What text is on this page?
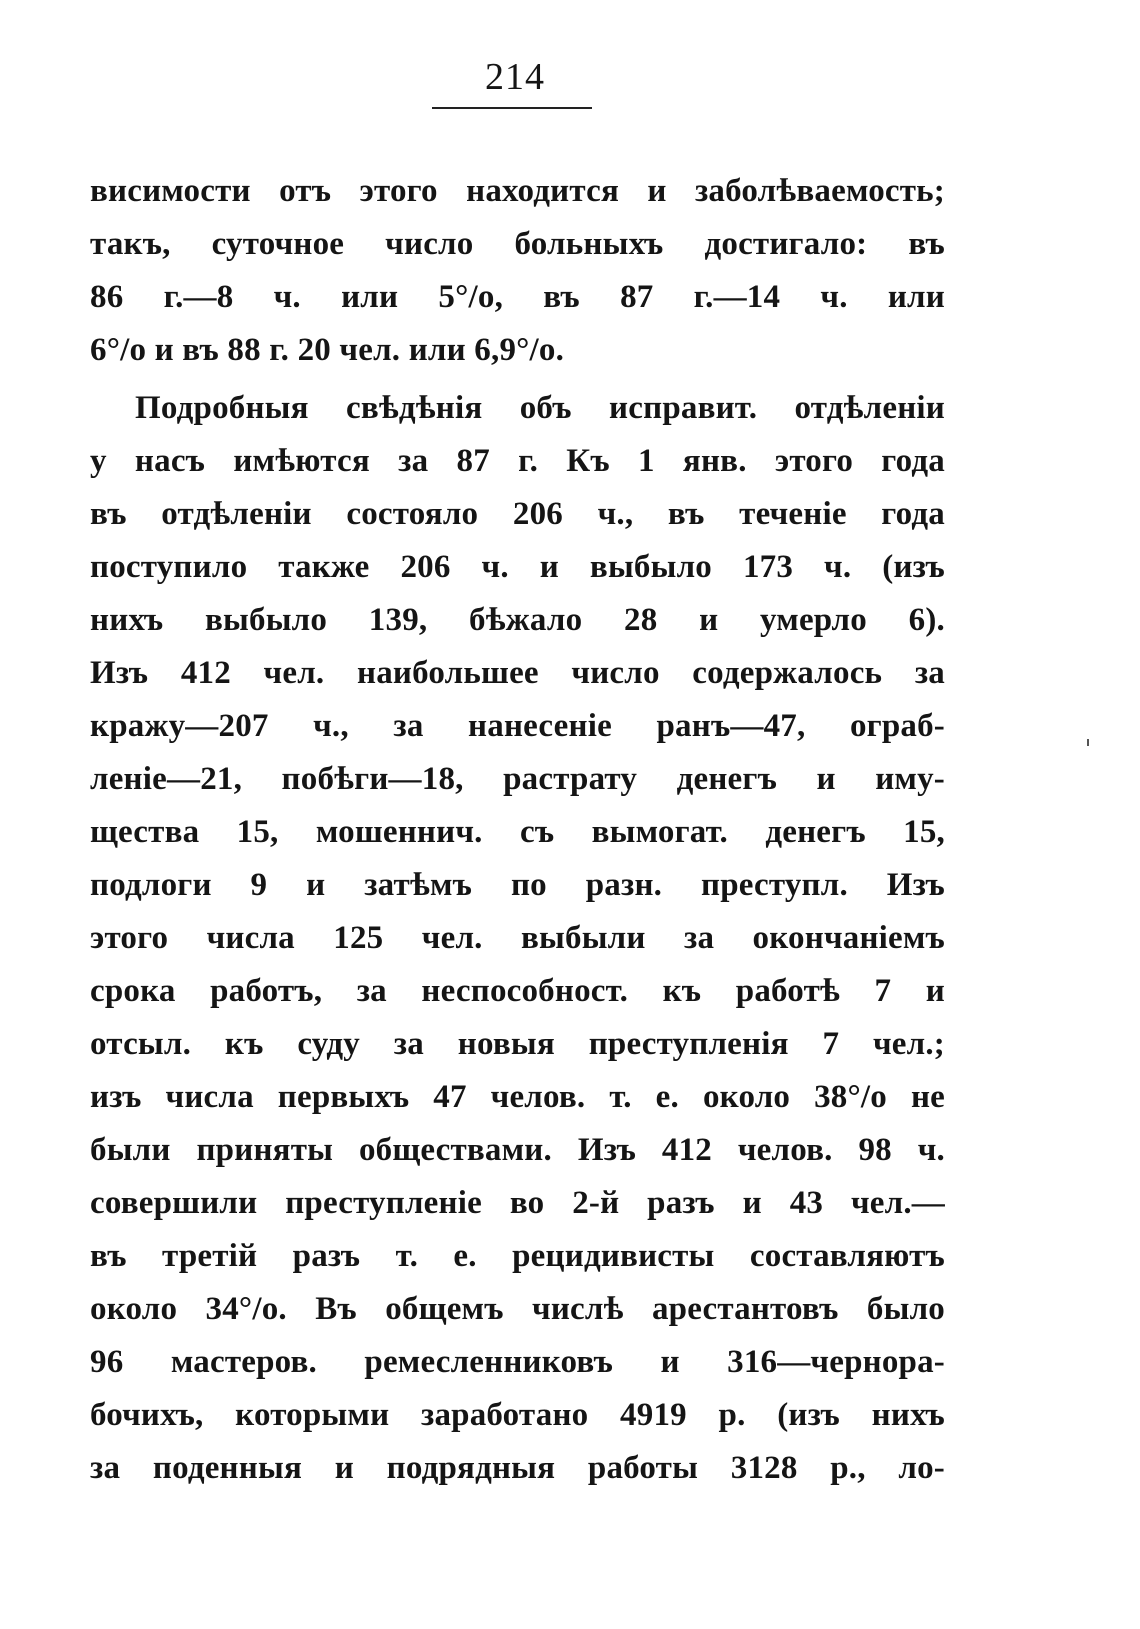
214
висимости отъ этого находится и заболѣваемость;
такъ, суточное число больныхъ достигало: въ
86 г.—8 ч. или 5°/о, въ 87 г.—14 ч. или
6°/о и въ 88 г. 20 чел. или 6,9°/о.
Подробныя свѣдѣнія объ исправит. отдѣленіи
у насъ имѣются за 87 г. Къ 1 янв. этого года
въ отдѣленіи состояло 206 ч., въ теченіе года
поступило также 206 ч. и выбыло 173 ч. (изъ
нихъ выбыло 139, бѣжало 28 и умерло 6).
Изъ 412 чел. наибольшее число содержалось за
кражу—207 ч., за нанесеніе ранъ—47, ограб-
леніе—21, побѣги—18, растрату денегъ и иму-
щества 15, мошеннич. съ вымогат. денегъ 15,
подлоги 9 и затѣмъ по разн. преступл. Изъ
этого числа 125 чел. выбыли за окончаніемъ
срока работъ, за неспособност. къ работѣ 7 и
отсыл. къ суду за новыя преступленія 7 чел.;
изъ числа первыхъ 47 челов. т. е. около 38°/о не
были приняты обществами. Изъ 412 челов. 98 ч.
совершили преступленіе во 2-й разъ и 43 чел.—
въ третій разъ т. е. рецидивисты составляютъ
около 34°/о. Въ общемъ числѣ арестантовъ было
96 мастеров. ремесленниковъ и 316—чернора-
бочихъ, которыми заработано 4919 р. (изъ нихъ
за поденныя и подрядныя работы 3128 р., ло-
